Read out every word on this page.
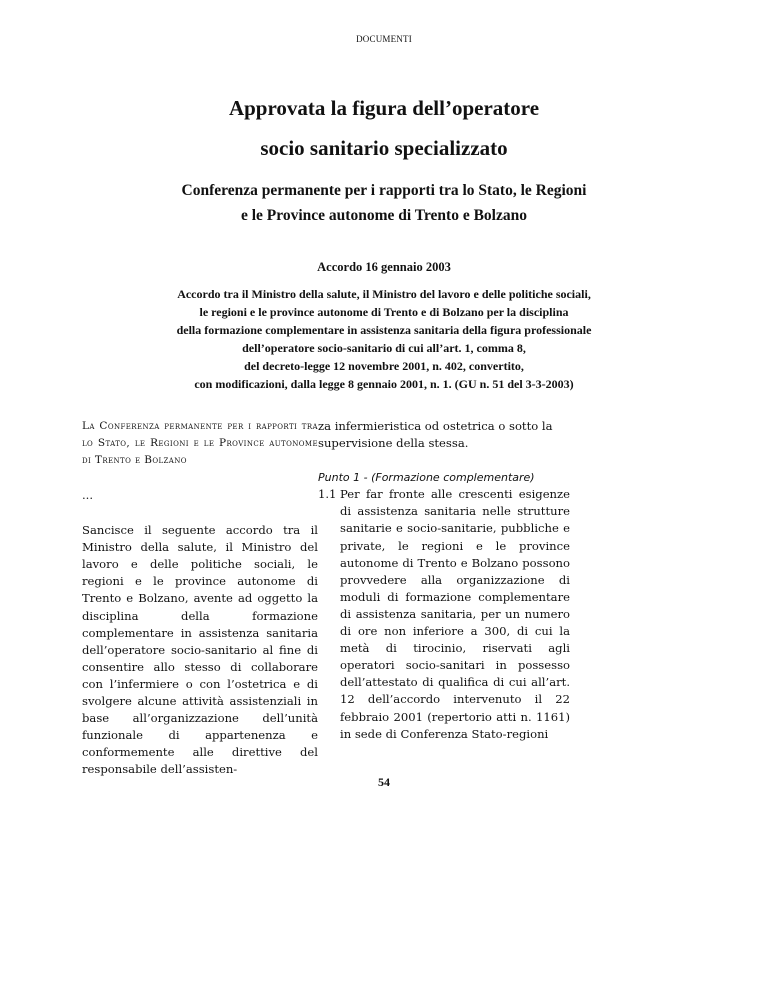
DOCUMENTI
Approvata la figura dell’operatore
socio sanitario specializzato
Conferenza permanente per i rapporti tra lo Stato, le Regioni
e le Province autonome di Trento e Bolzano
Accordo 16 gennaio 2003
Accordo tra il Ministro della salute, il Ministro del lavoro e delle politiche sociali,
le regioni e le province autonome di Trento e di Bolzano per la disciplina
della formazione complementare in assistenza sanitaria della figura professionale
dell’operatore socio-sanitario di cui all’art. 1, comma 8,
del decreto-legge 12 novembre 2001, n. 402, convertito,
con modificazioni, dalla legge 8 gennaio 2001, n. 1. (GU n. 51 del 3-3-2003)
La Conferenza permanente per i rapporti tra lo Stato, le Regioni e le Province autonome di Trento e Bolzano
...
Sancisce il seguente accordo tra il Ministro della salute, il Ministro del lavoro e delle politiche sociali, le regioni e le province autonome di Trento e Bolzano, avente ad oggetto la disciplina della formazione complementare in assistenza sanitaria dell’operatore socio-sanitario al fine di consentire allo stesso di collaborare con l’infermiere o con l’ostetrica e di svolgere alcune attività assistenziali in base all’organizzazione dell’unità funzionale di appartenenza e conformemente alle direttive del responsabile dell’assisten-
za infermieristica od ostetrica o sotto la supervisione della stessa.
Punto 1 - (Formazione complementare)
1.1 Per far fronte alle crescenti esigenze di assistenza sanitaria nelle strutture sanitarie e socio-sanitarie, pubbliche e private, le regioni e le province autonome di Trento e Bolzano possono provvedere alla organizzazione di moduli di formazione complementare di assistenza sanitaria, per un numero di ore non inferiore a 300, di cui la metà di tirocinio, riservati agli operatori socio-sanitari in possesso dell’attestato di qualifica di cui all’art. 12 dell’accordo intervenuto il 22 febbraio 2001 (repertorio atti n. 1161) in sede di Conferenza Stato-regioni
54
